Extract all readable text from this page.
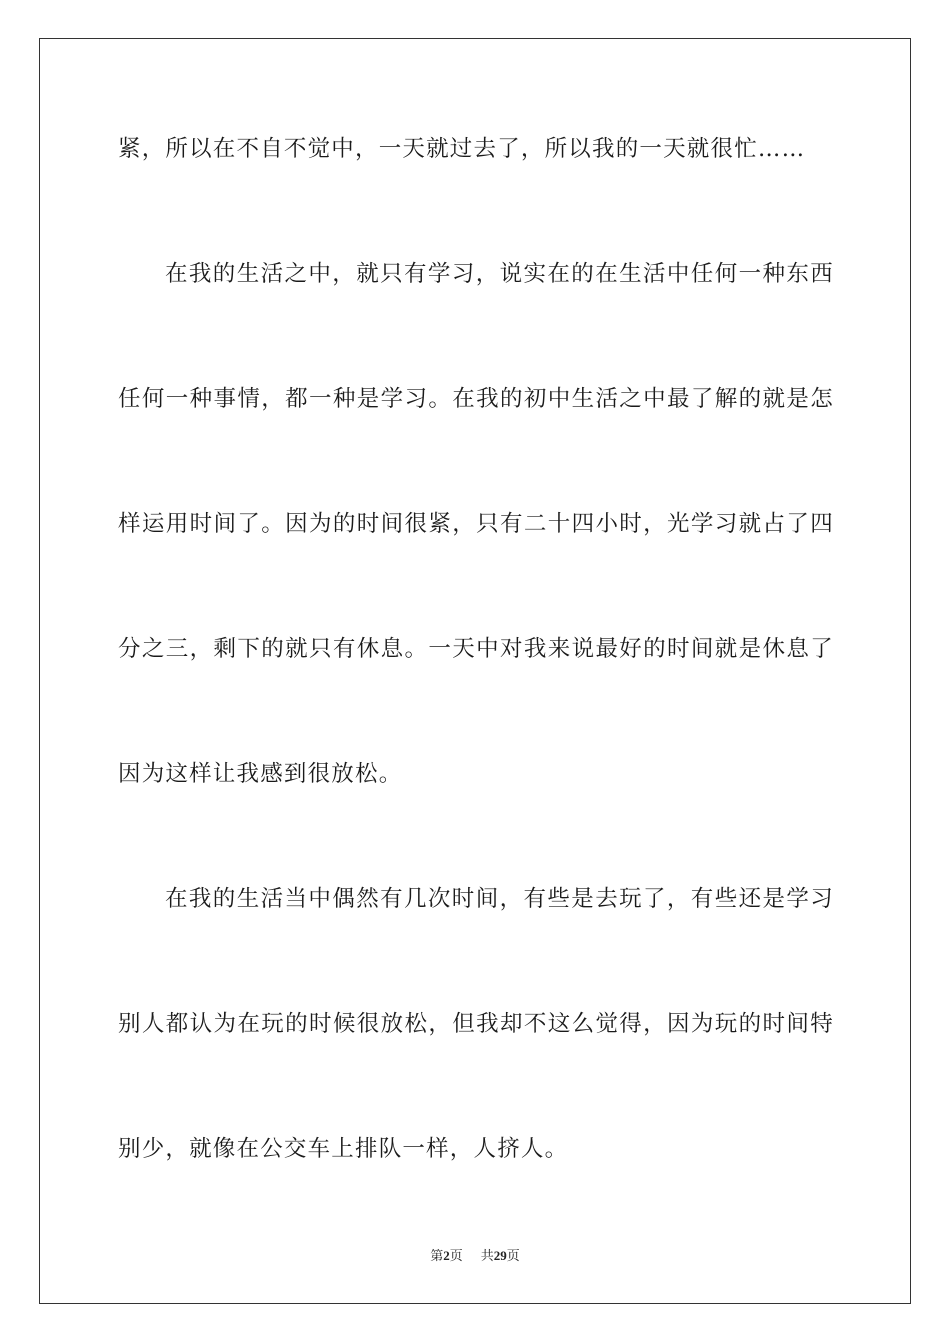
紧，所以在不自不觉中，一天就过去了，所以我的一天就很忙……
在我的生活之中，就只有学习，说实在的在生活中任何一种东西
任何一种事情，都一种是学习。在我的初中生活之中最了解的就是怎
样运用时间了。因为的时间很紧，只有二十四小时，光学习就占了四
分之三，剩下的就只有休息。一天中对我来说最好的时间就是休息了
因为这样让我感到很放松。
在我的生活当中偶然有几次时间，有些是去玩了，有些还是学习
别人都认为在玩的时候很放松，但我却不这么觉得，因为玩的时间特
别少，就像在公交车上排队一样，人挤人。
第2页 共29页
